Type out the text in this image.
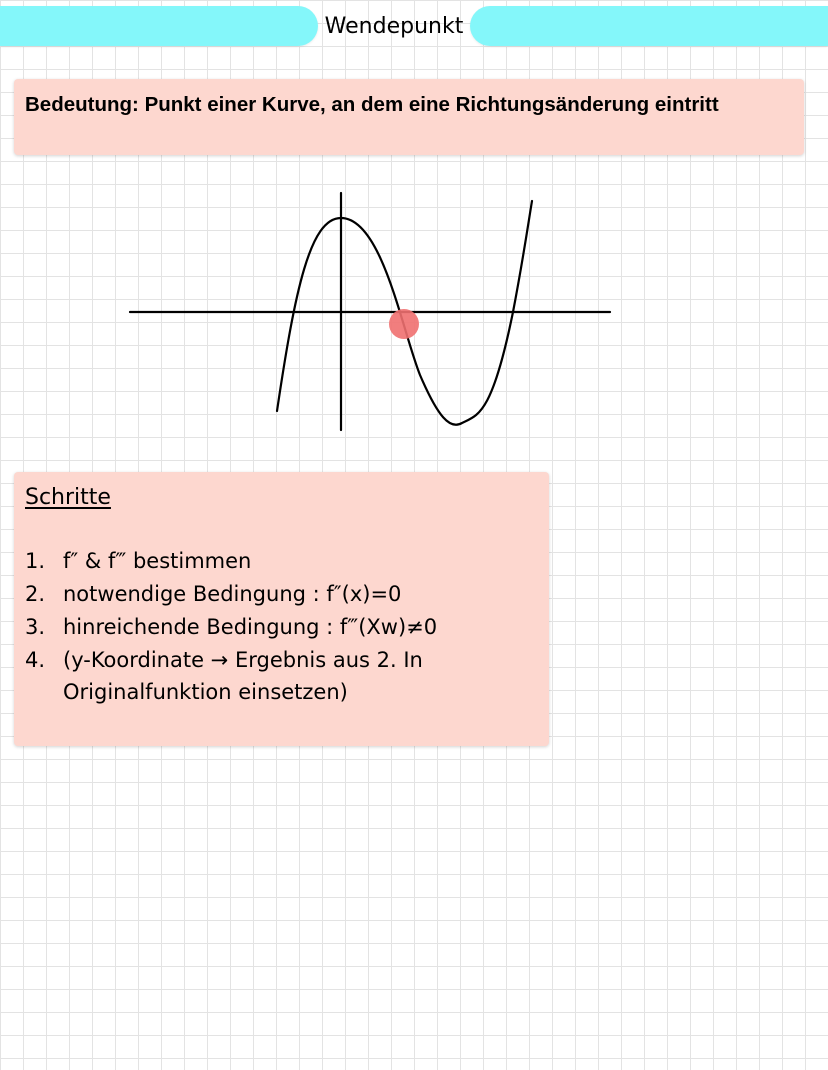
Wendepunkt
Bedeutung: Punkt einer Kurve, an dem eine Richtungsänderung eintritt
Schritte
1. f″ & f‴ bestimmen
2. notwendige Bedingung : f″(x)=0
3. hinreichende Bedingung : f‴(Xw)≠0
4. (y-Koordinate → Ergebnis aus 2. In Originalfunktion einsetzen)
